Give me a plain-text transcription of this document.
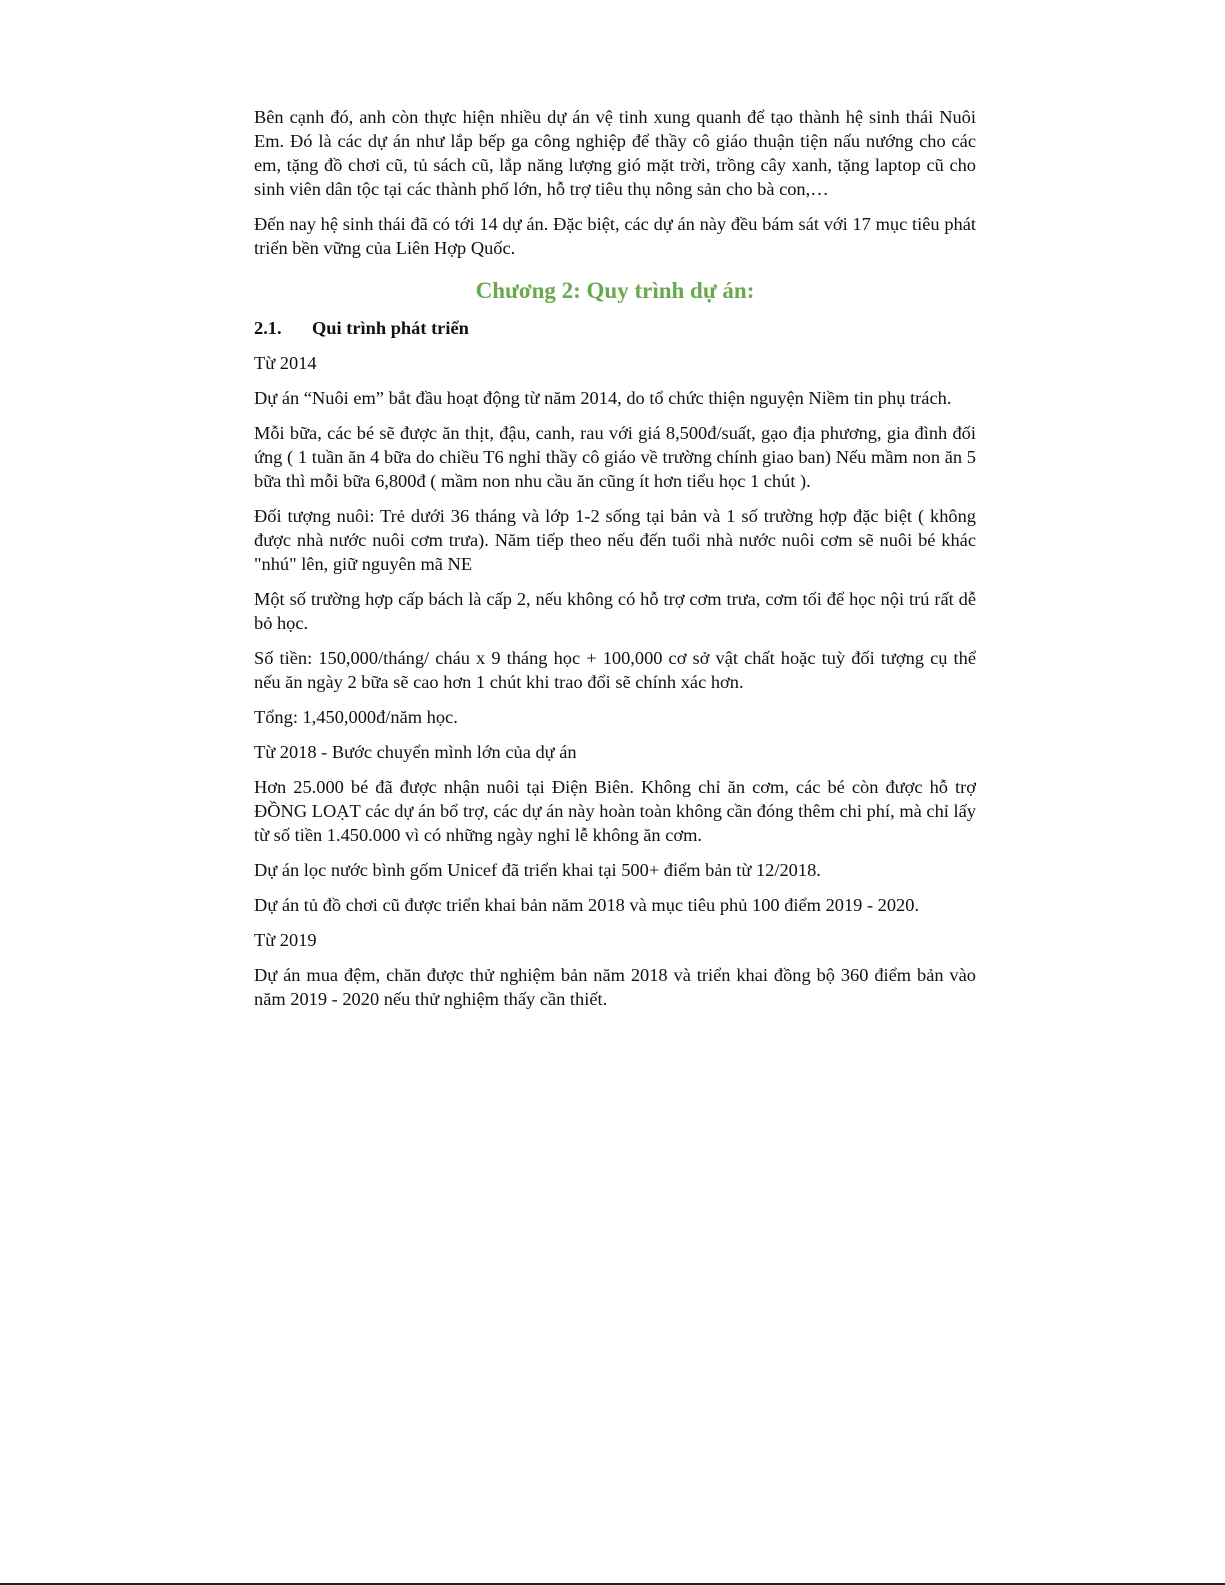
Bên cạnh đó, anh còn thực hiện nhiều dự án vệ tinh xung quanh để tạo thành hệ sinh thái Nuôi Em. Đó là các dự án như lắp bếp ga công nghiệp để thầy cô giáo thuận tiện nấu nướng cho các em, tặng đồ chơi cũ, tủ sách cũ, lắp năng lượng gió mặt trời, trồng cây xanh, tặng laptop cũ cho sinh viên dân tộc tại các thành phố lớn, hỗ trợ tiêu thụ nông sản cho bà con,…

Đến nay hệ sinh thái đã có tới 14 dự án. Đặc biệt, các dự án này đều bám sát với 17 mục tiêu phát triển bền vững của Liên Hợp Quốc.

Chương 2: Quy trình dự án:
2.1. Qui trình phát triển

Từ 2014

Dự án “Nuôi em” bắt đầu hoạt động từ năm 2014, do tổ chức thiện nguyện Niềm tin phụ trách.

Mỗi bữa, các bé sẽ được ăn thịt, đậu, canh, rau với giá 8,500đ/suất, gạo địa phương, gia đình đối ứng ( 1 tuần ăn 4 bữa do chiều T6 nghỉ thầy cô giáo về trường chính giao ban) Nếu mầm non ăn 5 bữa thì mỗi bữa 6,800đ ( mầm non nhu cầu ăn cũng ít hơn tiểu học 1 chút ).

Đối tượng nuôi: Trẻ dưới 36 tháng và lớp 1-2 sống tại bản và 1 số trường hợp đặc biệt ( không được nhà nước nuôi cơm trưa). Năm tiếp theo nếu đến tuổi nhà nước nuôi cơm sẽ nuôi bé khác "nhú" lên, giữ nguyên mã NE

Một số trường hợp cấp bách là cấp 2, nếu không có hỗ trợ cơm trưa, cơm tối để học nội trú rất dễ bỏ học.

Số tiền: 150,000/tháng/ cháu x 9 tháng học + 100,000 cơ sở vật chất hoặc tuỳ đối tượng cụ thể nếu ăn ngày 2 bữa sẽ cao hơn 1 chút khi trao đổi sẽ chính xác hơn.

Tổng: 1,450,000đ/năm học.

Từ 2018 - Bước chuyển mình lớn của dự án

Hơn 25.000 bé đã được nhận nuôi tại Điện Biên. Không chỉ ăn cơm, các bé còn được hỗ trợ ĐỒNG LOẠT các dự án bổ trợ, các dự án này hoàn toàn không cần đóng thêm chi phí, mà chỉ lấy từ số tiền 1.450.000 vì có những ngày nghỉ lễ không ăn cơm.

Dự án lọc nước bình gốm Unicef đã triển khai tại 500+ điểm bản từ 12/2018.

Dự án tủ đồ chơi cũ được triển khai bản năm 2018 và mục tiêu phủ 100 điểm 2019 - 2020.

Từ 2019

Dự án mua đệm, chăn được thử nghiệm bản năm 2018 và triển khai đồng bộ 360 điểm bản vào năm 2019 - 2020 nếu thử nghiệm thấy cần thiết.
